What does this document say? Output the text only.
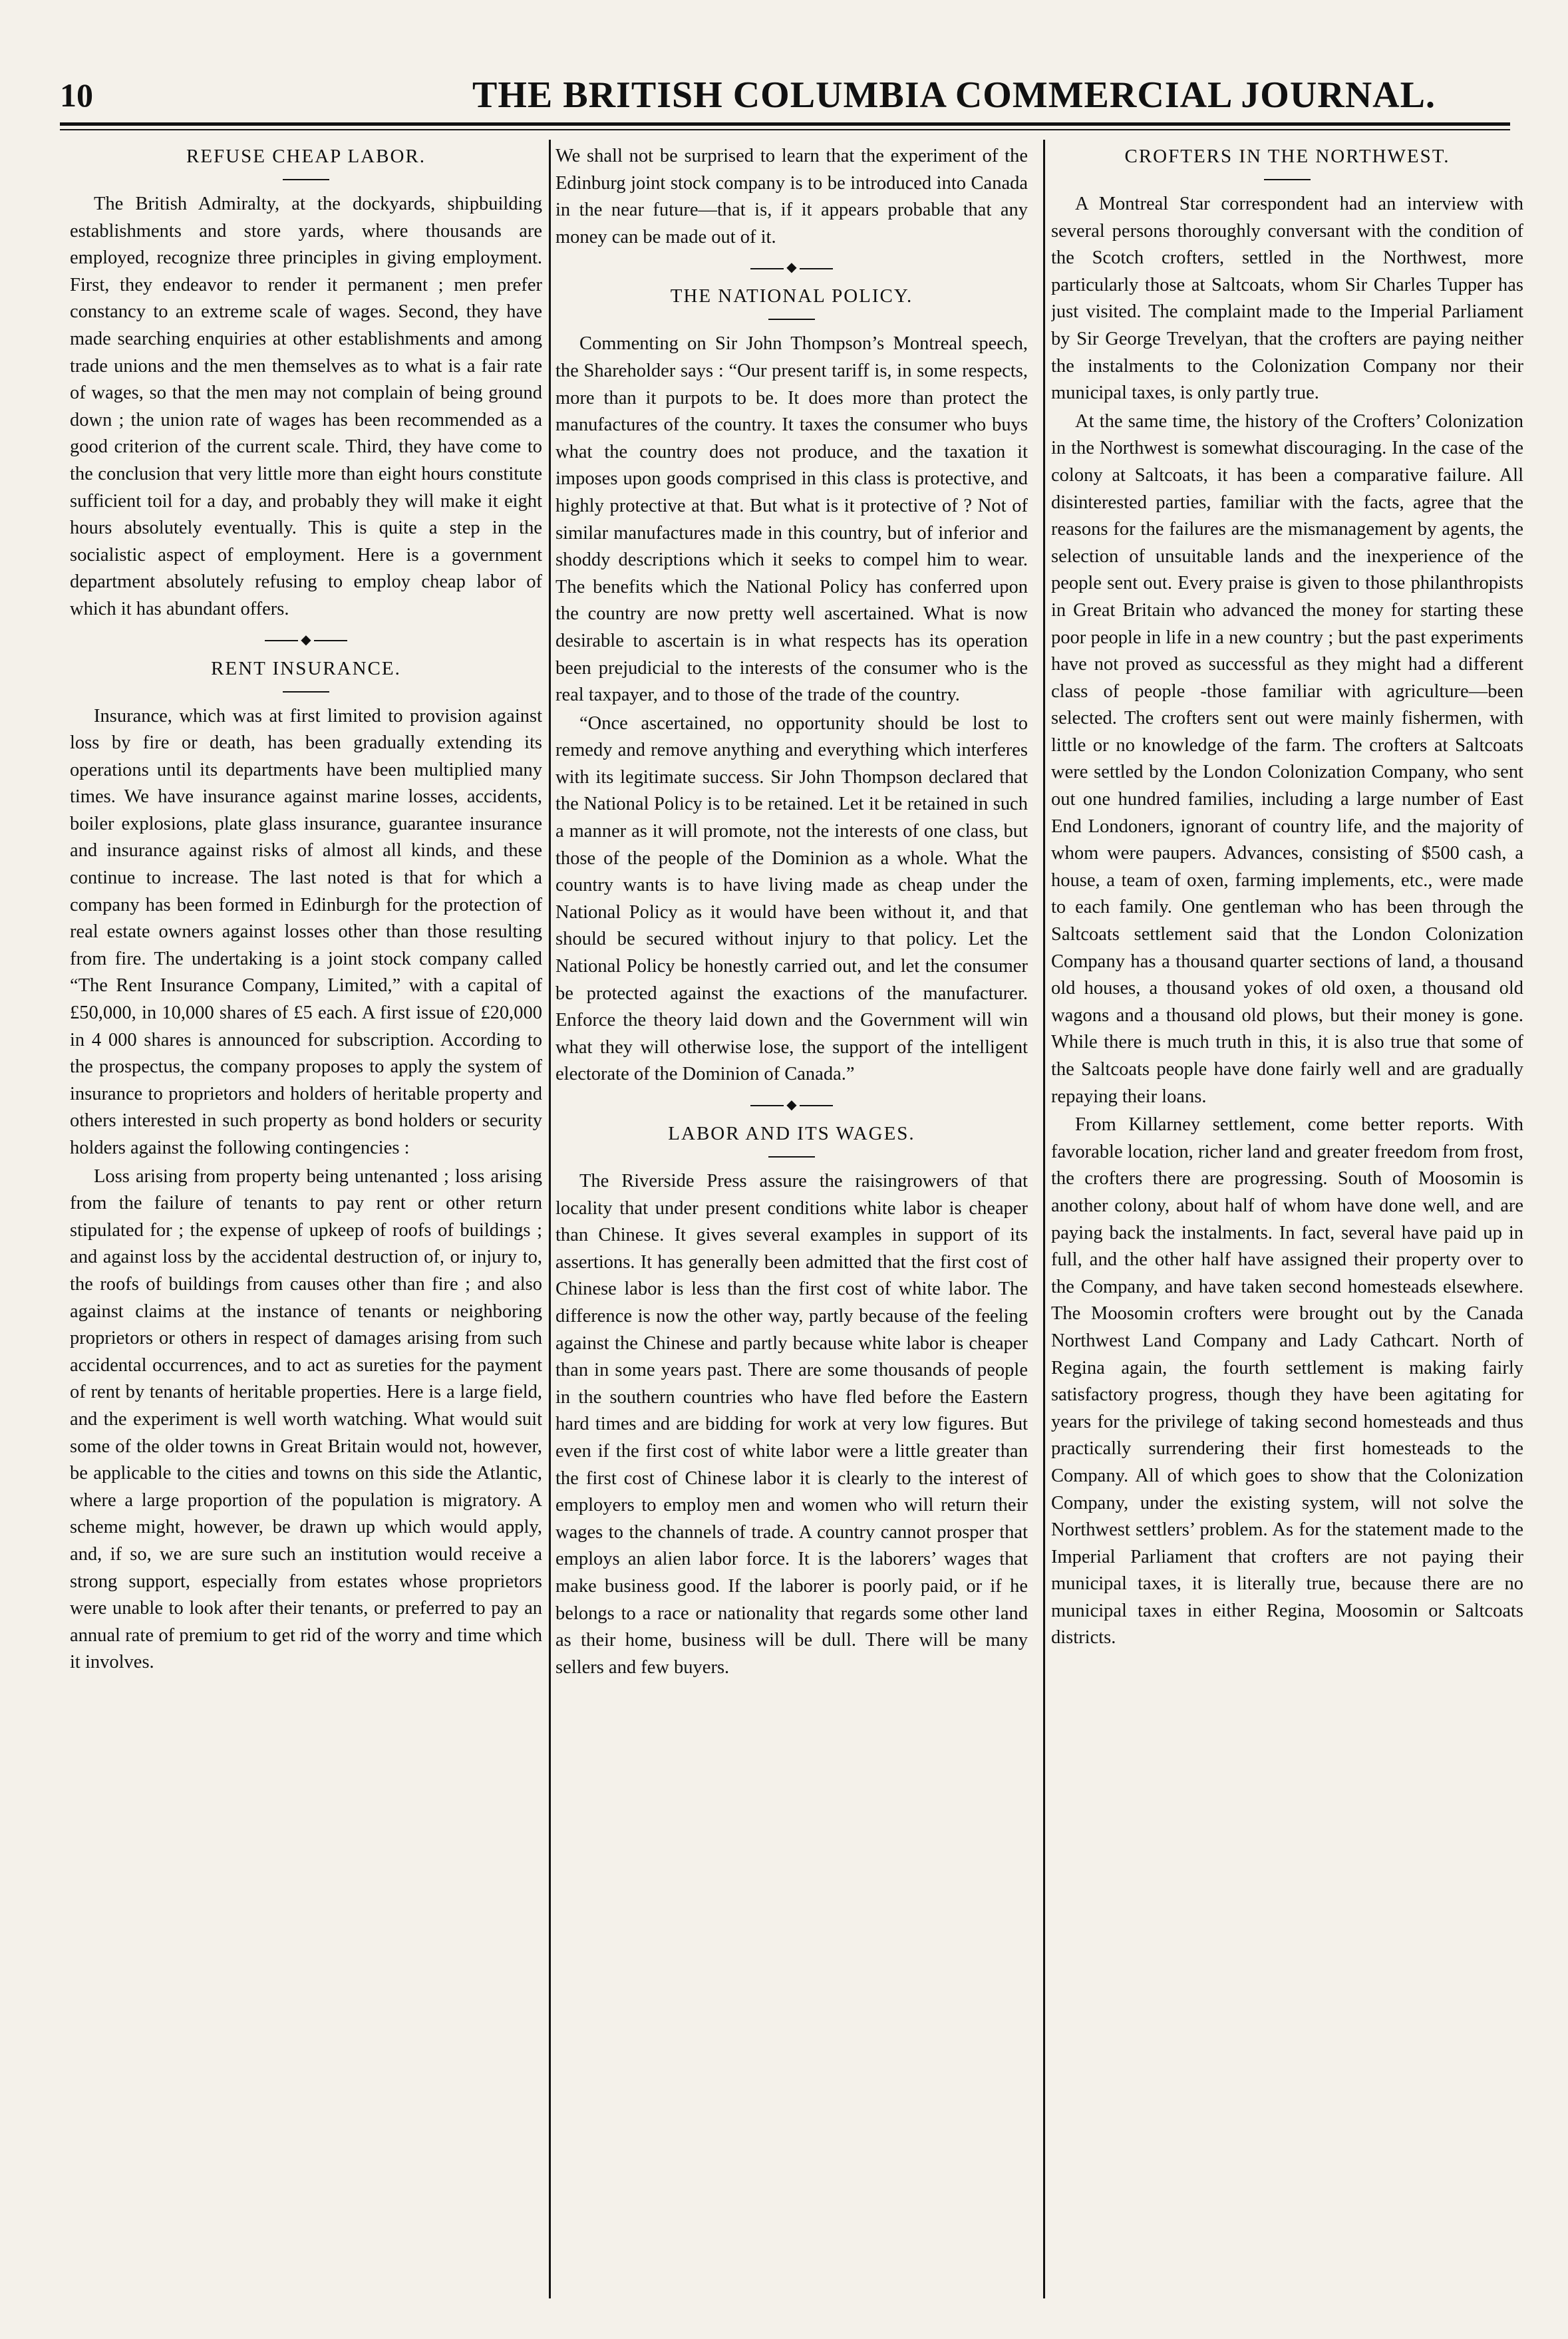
10	THE BRITISH COLUMBIA COMMERCIAL JOURNAL.
REFUSE CHEAP LABOR.

The British Admiralty, at the dockyards, shipbuilding establishments and store yards, where thousands are employed, recognize three principles in giving employment. First, they endeavor to render it permanent ; men prefer constancy to an extreme scale of wages. Second, they have made searching enquiries at other establishments and among trade unions and the men themselves as to what is a fair rate of wages, so that the men may not complain of being ground down ; the union rate of wages has been recommended as a good criterion of the current scale. Third, they have come to the conclusion that very little more than eight hours constitute sufficient toil for a day, and probably they will make it eight hours absolutely eventually. This is quite a step in the socialistic aspect of employment. Here is a government department absolutely refusing to employ cheap labor of which it has abundant offers.

◆
RENT INSURANCE.

Insurance, which was at first limited to provision against loss by fire or death, has been gradually extending its operations until its departments have been multiplied many times. We have insurance against marine losses, accidents, boiler explosions, plate glass insurance, guarantee insurance and insurance against risks of almost all kinds, and these continue to increase. The last noted is that for which a company has been formed in Edinburgh for the protection of real estate owners against losses other than those resulting from fire. The undertaking is a joint stock company called “The Rent Insurance Company, Limited,” with a capital of £50,000, in 10,000 shares of £5 each. A first issue of £20,000 in 4 000 shares is announced for subscription. According to the prospectus, the company proposes to apply the system of insurance to proprietors and holders of heritable property and others interested in such property as bond holders or security holders against the following contingencies :

Loss arising from property being untenanted ; loss arising from the failure of tenants to pay rent or other return stipulated for ; the expense of upkeep of roofs of buildings ; and against loss by the accidental destruction of, or injury to, the roofs of buildings from causes other than fire ; and also against claims at the instance of tenants or neighboring proprietors or others in respect of damages arising from such accidental occurrences, and to act as sureties for the payment of rent by tenants of heritable properties. Here is a large field, and the experiment is well worth watching. What would suit some of the older towns in Great Britain would not, however, be applicable to the cities and towns on this side the Atlantic, where a large proportion of the population is migratory. A scheme might, however, be drawn up which would apply, and, if so, we are sure such an institution would receive a strong support, especially from estates whose proprietors were unable to look after their tenants, or preferred to pay an annual rate of premium to get rid of the worry and time which it involves.

We shall not be surprised to learn that the experiment of the Edinburg joint stock company is to be introduced into Canada in the near future—that is, if it appears probable that any money can be made out of it.

◆
THE NATIONAL POLICY.

Commenting on Sir John Thompson’s Montreal speech, the Shareholder says : “Our present tariff is, in some respects, more than it purpots to be. It does more than protect the manufactures of the country. It taxes the consumer who buys what the country does not produce, and the taxation it imposes upon goods comprised in this class is protective, and highly protective at that. But what is it protective of ? Not of similar manufactures made in this country, but of inferior and shoddy descriptions which it seeks to compel him to wear. The benefits which the National Policy has conferred upon the country are now pretty well ascertained. What is now desirable to ascertain is in what respects has its operation been prejudicial to the interests of the consumer who is the real taxpayer, and to those of the trade of the country.

“Once ascertained, no opportunity should be lost to remedy and remove anything and everything which interferes with its legitimate success. Sir John Thompson declared that the National Policy is to be retained. Let it be retained in such a manner as it will promote, not the interests of one class, but those of the people of the Dominion as a whole. What the country wants is to have living made as cheap under the National Policy as it would have been without it, and that should be secured without injury to that policy. Let the National Policy be honestly carried out, and let the consumer be protected against the exactions of the manufacturer. Enforce the theory laid down and the Government will win what they will otherwise lose, the support of the intelligent electorate of the Dominion of Canada.”

◆
LABOR AND ITS WAGES.

The Riverside Press assure the raisingrowers of that locality that under present conditions white labor is cheaper than Chinese. It gives several examples in support of its assertions. It has generally been admitted that the first cost of Chinese labor is less than the first cost of white labor. The difference is now the other way, partly because of the feeling against the Chinese and partly because white labor is cheaper than in some years past. There are some thousands of people in the southern countries who have fled before the Eastern hard times and are bidding for work at very low figures. But even if the first cost of white labor were a little greater than the first cost of Chinese labor it is clearly to the interest of employers to employ men and women who will return their wages to the channels of trade. A country cannot prosper that employs an alien labor force. It is the laborers’ wages that make business good. If the laborer is poorly paid, or if he belongs to a race or nationality that regards some other land as their home, business will be dull. There will be many sellers and few buyers.

CROFTERS IN THE NORTHWEST.

A Montreal Star correspondent had an interview with several persons thoroughly conversant with the condition of the Scotch crofters, settled in the Northwest, more particularly those at Saltcoats, whom Sir Charles Tupper has just visited. The complaint made to the Imperial Parliament by Sir George Trevelyan, that the crofters are paying neither the instalments to the Colonization Company nor their municipal taxes, is only partly true.

At the same time, the history of the Crofters’ Colonization in the Northwest is somewhat discouraging. In the case of the colony at Saltcoats, it has been a comparative failure. All disinterested parties, familiar with the facts, agree that the reasons for the failures are the mismanagement by agents, the selection of unsuitable lands and the inexperience of the people sent out. Every praise is given to those philanthropists in Great Britain who advanced the money for starting these poor people in life in a new country ; but the past experiments have not proved as successful as they might had a different class of people -those familiar with agriculture—been selected. The crofters sent out were mainly fishermen, with little or no knowledge of the farm. The crofters at Saltcoats were settled by the London Colonization Company, who sent out one hundred families, including a large number of East End Londoners, ignorant of country life, and the majority of whom were paupers. Advances, consisting of $500 cash, a house, a team of oxen, farming implements, etc., were made to each family. One gentleman who has been through the Saltcoats settlement said that the London Colonization Company has a thousand quarter sections of land, a thousand old houses, a thousand yokes of old oxen, a thousand old wagons and a thousand old plows, but their money is gone. While there is much truth in this, it is also true that some of the Saltcoats people have done fairly well and are gradually repaying their loans.

From Killarney settlement, come better reports. With favorable location, richer land and greater freedom from frost, the crofters there are progressing. South of Moosomin is another colony, about half of whom have done well, and are paying back the instalments. In fact, several have paid up in full, and the other half have assigned their property over to the Company, and have taken second homesteads elsewhere. The Moosomin crofters were brought out by the Canada Northwest Land Company and Lady Cathcart. North of Regina again, the fourth settlement is making fairly satisfactory progress, though they have been agitating for years for the privilege of taking second homesteads and thus practically surrendering their first homesteads to the Company. All of which goes to show that the Colonization Company, under the existing system, will not solve the Northwest settlers’ problem. As for the statement made to the Imperial Parliament that crofters are not paying their municipal taxes, it is literally true, because there are no municipal taxes in either Regina, Moosomin or Saltcoats districts.
